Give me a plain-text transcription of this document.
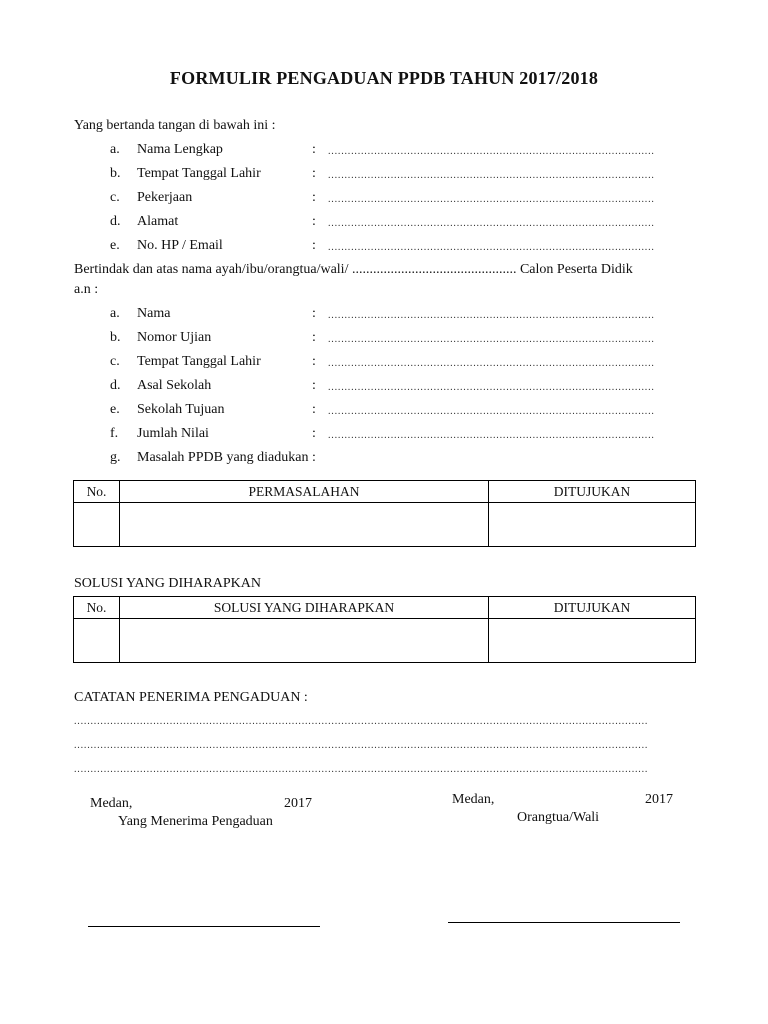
FORMULIR PENGADUAN PPDB TAHUN 2017/2018
Yang bertanda tangan di bawah ini :
a. Nama Lengkap	: ...................................................................................................
b. Tempat Tanggal Lahir	: ...................................................................................................
c. Pekerjaan	: ...................................................................................................
d. Alamat	: ...................................................................................................
e. No. HP / Email	: ...................................................................................................
Bertindak dan atas nama ayah/ibu/orangtua/wali/ ............................................... Calon Peserta Didik
a.n :
a. Nama	: ...................................................................................................
b. Nomor Ujian	: ...................................................................................................
c. Tempat Tanggal Lahir	: ...................................................................................................
d. Asal Sekolah	: ...................................................................................................
e. Sekolah Tujuan	: ...................................................................................................
f. Jumlah Nilai	: ...................................................................................................
g. Masalah PPDB yang diadukan :
No.	PERMASALAHAN	DITUJUKAN

SOLUSI YANG DIHARAPKAN
No.	SOLUSI YANG DIHARAPKAN	DITUJUKAN

CATATAN PENERIMA PENGADUAN :
..............................................................................................................................................................................
..............................................................................................................................................................................
..............................................................................................................................................................................
Medan,	2017
Yang Menerima Pengaduan
Medan,	2017
Orangtua/Wali
